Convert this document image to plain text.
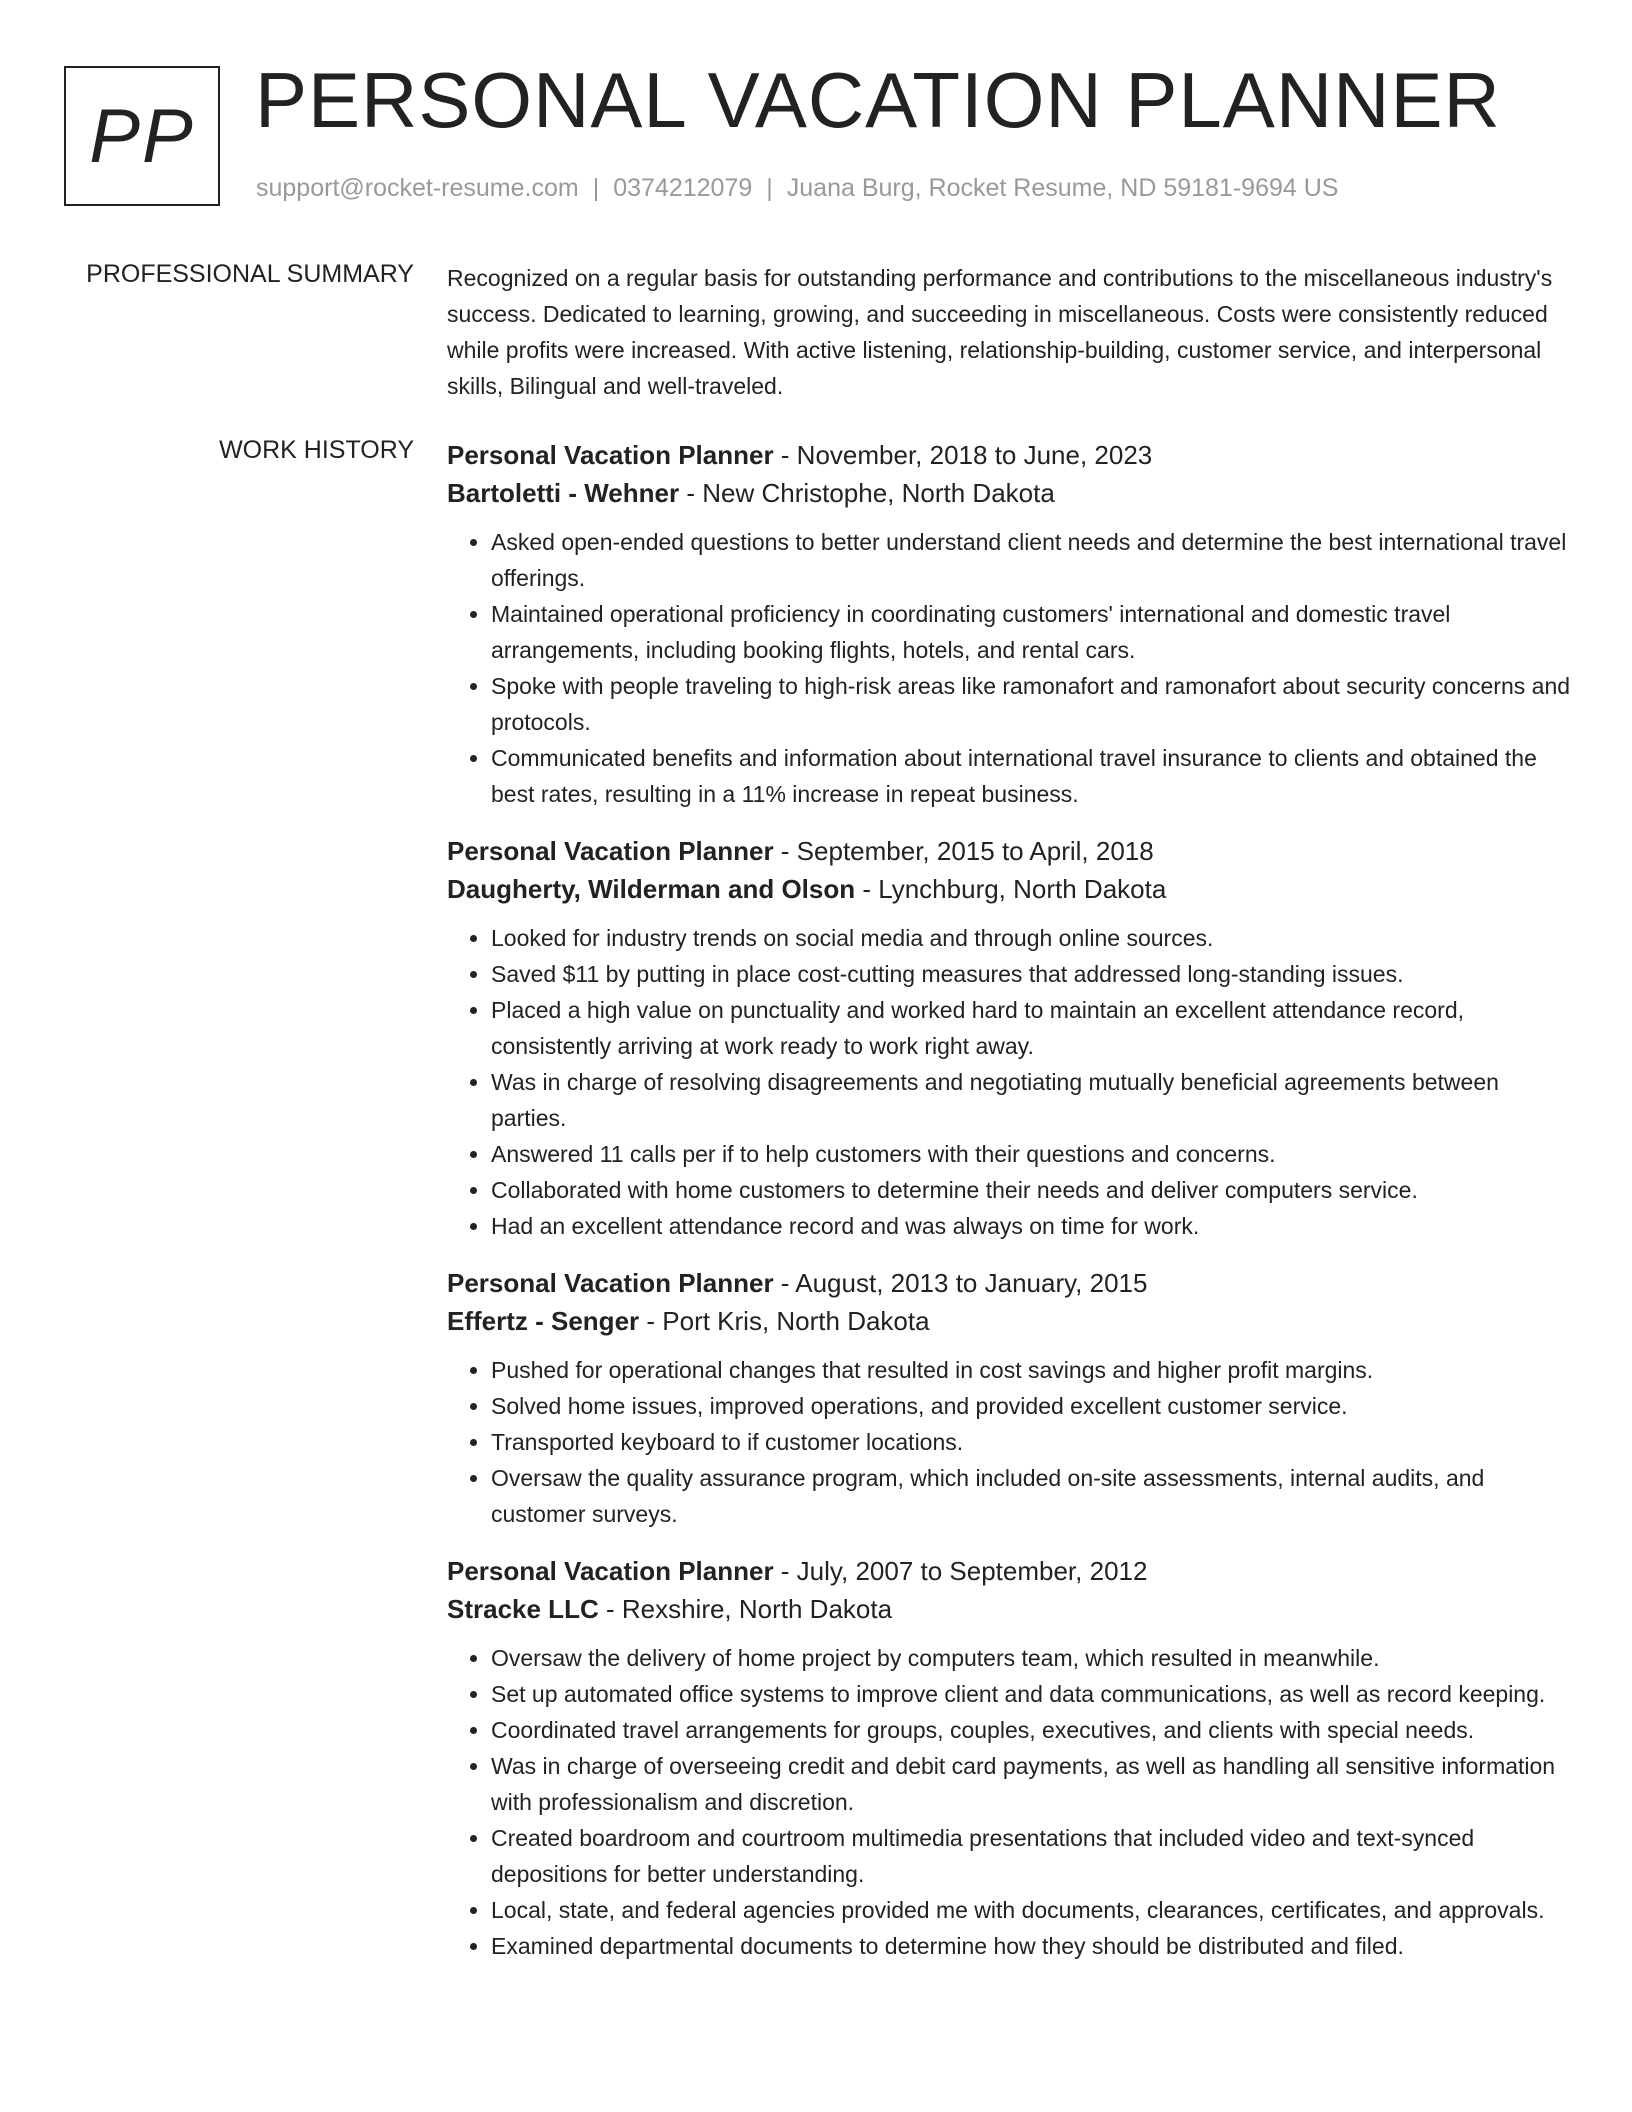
PP PERSONAL VACATION PLANNER
support@rocket-resume.com | 0374212079 | Juana Burg, Rocket Resume, ND 59181-9694 US
PROFESSIONAL SUMMARY Recognized on a regular basis for outstanding performance and contributions to the miscellaneous industry's success. Dedicated to learning, growing, and succeeding in miscellaneous. Costs were consistently reduced while profits were increased. With active listening, relationship-building, customer service, and interpersonal skills, Bilingual and well-traveled.

WORK HISTORY Personal Vacation Planner - November, 2018 to June, 2023
Bartoletti - Wehner - New Christophe, North Dakota
• Asked open-ended questions to better understand client needs and determine the best international travel offerings.
• Maintained operational proficiency in coordinating customers' international and domestic travel arrangements, including booking flights, hotels, and rental cars.
• Spoke with people traveling to high-risk areas like ramonafort and ramonafort about security concerns and protocols.
• Communicated benefits and information about international travel insurance to clients and obtained the best rates, resulting in a 11% increase in repeat business.
Personal Vacation Planner - September, 2015 to April, 2018
Daugherty, Wilderman and Olson - Lynchburg, North Dakota
• Looked for industry trends on social media and through online sources.
• Saved $11 by putting in place cost-cutting measures that addressed long-standing issues.
• Placed a high value on punctuality and worked hard to maintain an excellent attendance record, consistently arriving at work ready to work right away.
• Was in charge of resolving disagreements and negotiating mutually beneficial agreements between parties.
• Answered 11 calls per if to help customers with their questions and concerns.
• Collaborated with home customers to determine their needs and deliver computers service.
• Had an excellent attendance record and was always on time for work.
Personal Vacation Planner - August, 2013 to January, 2015
Effertz - Senger - Port Kris, North Dakota
• Pushed for operational changes that resulted in cost savings and higher profit margins.
• Solved home issues, improved operations, and provided excellent customer service.
• Transported keyboard to if customer locations.
• Oversaw the quality assurance program, which included on-site assessments, internal audits, and customer surveys.
Personal Vacation Planner - July, 2007 to September, 2012
Stracke LLC - Rexshire, North Dakota
• Oversaw the delivery of home project by computers team, which resulted in meanwhile.
• Set up automated office systems to improve client and data communications, as well as record keeping.
• Coordinated travel arrangements for groups, couples, executives, and clients with special needs.
• Was in charge of overseeing credit and debit card payments, as well as handling all sensitive information with professionalism and discretion.
• Created boardroom and courtroom multimedia presentations that included video and text-synced depositions for better understanding.
• Local, state, and federal agencies provided me with documents, clearances, certificates, and approvals.
• Examined departmental documents to determine how they should be distributed and filed.
